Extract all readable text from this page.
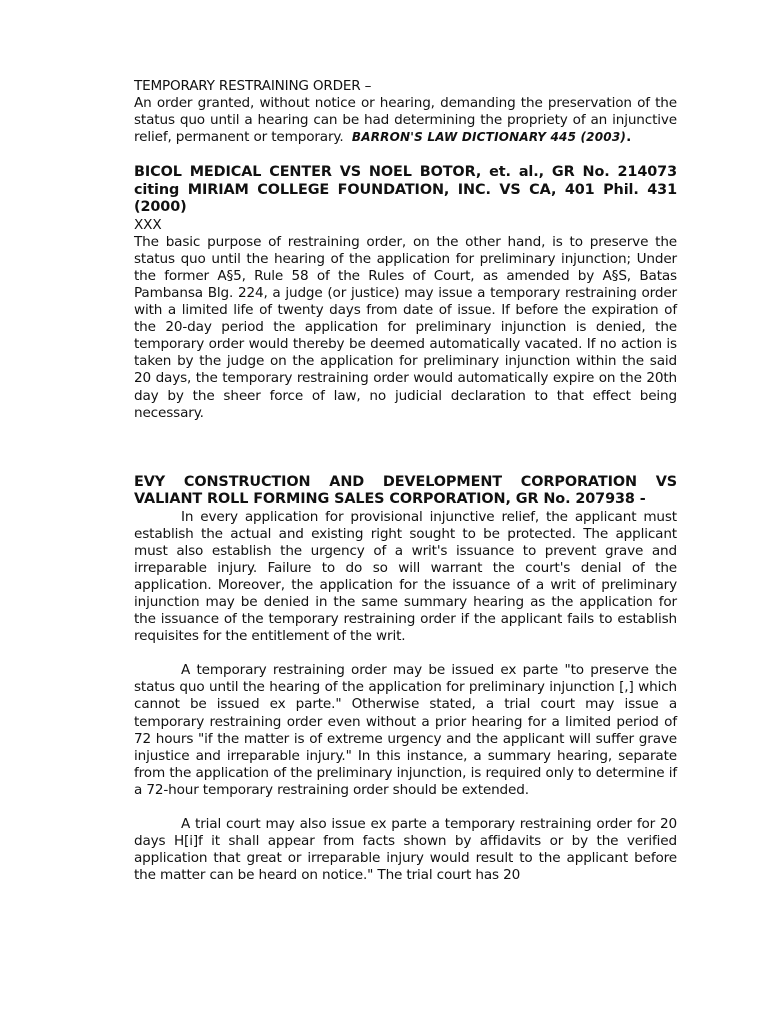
TEMPORARY RESTRAINING ORDER –

An order granted, without notice or hearing, demanding the preservation of the status quo until a hearing can be had determining the propriety of an injunctive relief, permanent or temporary. BARRON'S LAW DICTIONARY 445 (2003).

BICOL MEDICAL CENTER VS NOEL BOTOR, et. al., GR No. 214073 citing MIRIAM COLLEGE FOUNDATION, INC. VS CA, 401 Phil. 431 (2000)

XXX

The basic purpose of restraining order, on the other hand, is to preserve the status quo until the hearing of the application for preliminary injunction; Under the former A§5, Rule 58 of the Rules of Court, as amended by A§S, Batas Pambansa Blg. 224, a judge (or justice) may issue a temporary restraining order with a limited life of twenty days from date of issue. If before the expiration of the 20-day period the application for preliminary injunction is denied, the temporary order would thereby be deemed automatically vacated. If no action is taken by the judge on the application for preliminary injunction within the said 20 days, the temporary restraining order would automatically expire on the 20th day by the sheer force of law, no judicial declaration to that effect being necessary.

EVY CONSTRUCTION AND DEVELOPMENT CORPORATION VS VALIANT ROLL FORMING SALES CORPORATION, GR No. 207938 -

In every application for provisional injunctive relief, the applicant must establish the actual and existing right sought to be protected. The applicant must also establish the urgency of a writ's issuance to prevent grave and irreparable injury. Failure to do so will warrant the court's denial of the application. Moreover, the application for the issuance of a writ of preliminary injunction may be denied in the same summary hearing as the application for the issuance of the temporary restraining order if the applicant fails to establish requisites for the entitlement of the writ.

A temporary restraining order may be issued ex parte "to preserve the status quo until the hearing of the application for preliminary injunction [,] which cannot be issued ex parte." Otherwise stated, a trial court may issue a temporary restraining order even without a prior hearing for a limited period of 72 hours "if the matter is of extreme urgency and the applicant will suffer grave injustice and irreparable injury." In this instance, a summary hearing, separate from the application of the preliminary injunction, is required only to determine if a 72-hour temporary restraining order should be extended.

A trial court may also issue ex parte a temporary restraining order for 20 days H[i]f it shall appear from facts shown by affidavits or by the verified application that great or irreparable injury would result to the applicant before the matter can be heard on notice." The trial court has 20
